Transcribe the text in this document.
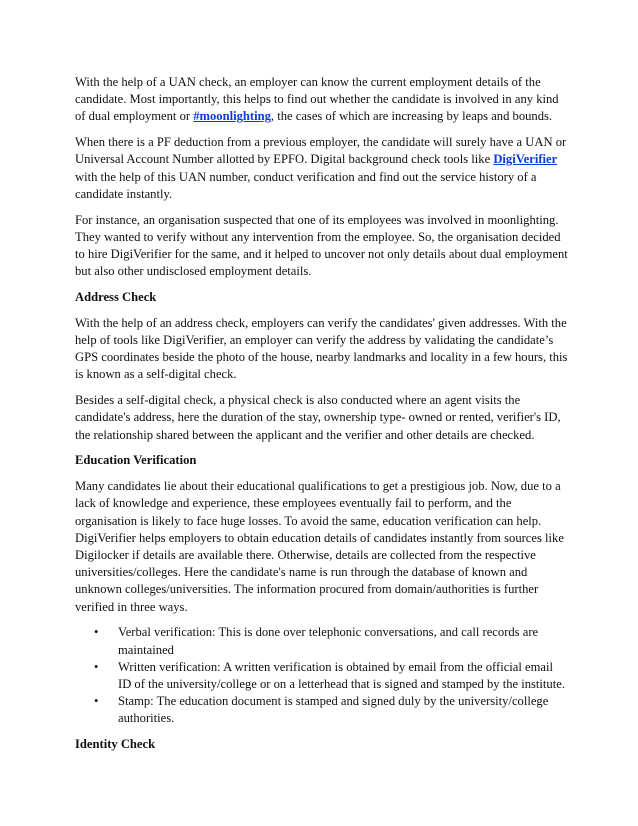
With the help of a UAN check, an employer can know the current employment details of the candidate. Most importantly, this helps to find out whether the candidate is involved in any kind of dual employment or #moonlighting, the cases of which are increasing by leaps and bounds.

When there is a PF deduction from a previous employer, the candidate will surely have a UAN or Universal Account Number allotted by EPFO. Digital background check tools like DigiVerifier with the help of this UAN number, conduct verification and find out the service history of a candidate instantly.

For instance, an organisation suspected that one of its employees was involved in moonlighting. They wanted to verify without any intervention from the employee. So, the organisation decided to hire DigiVerifier for the same, and it helped to uncover not only details about dual employment but also other undisclosed employment details.

Address Check

With the help of an address check, employers can verify the candidates' given addresses. With the help of tools like DigiVerifier, an employer can verify the address by validating the candidate’s GPS coordinates beside the photo of the house, nearby landmarks and locality in a few hours, this is known as a self-digital check.

Besides a self-digital check, a physical check is also conducted where an agent visits the candidate's address, here the duration of the stay, ownership type- owned or rented, verifier's ID, the relationship shared between the applicant and the verifier and other details are checked.

Education Verification

Many candidates lie about their educational qualifications to get a prestigious job. Now, due to a lack of knowledge and experience, these employees eventually fail to perform, and the organisation is likely to face huge losses. To avoid the same, education verification can help. DigiVerifier helps employers to obtain education details of candidates instantly from sources like Digilocker if details are available there. Otherwise, details are collected from the respective universities/colleges. Here the candidate's name is run through the database of known and unknown colleges/universities. The information procured from domain/authorities is further verified in three ways.

• Verbal verification: This is done over telephonic conversations, and call records are maintained
• Written verification: A written verification is obtained by email from the official email ID of the university/college or on a letterhead that is signed and stamped by the institute.
• Stamp: The education document is stamped and signed duly by the university/college authorities.
Identity Check
